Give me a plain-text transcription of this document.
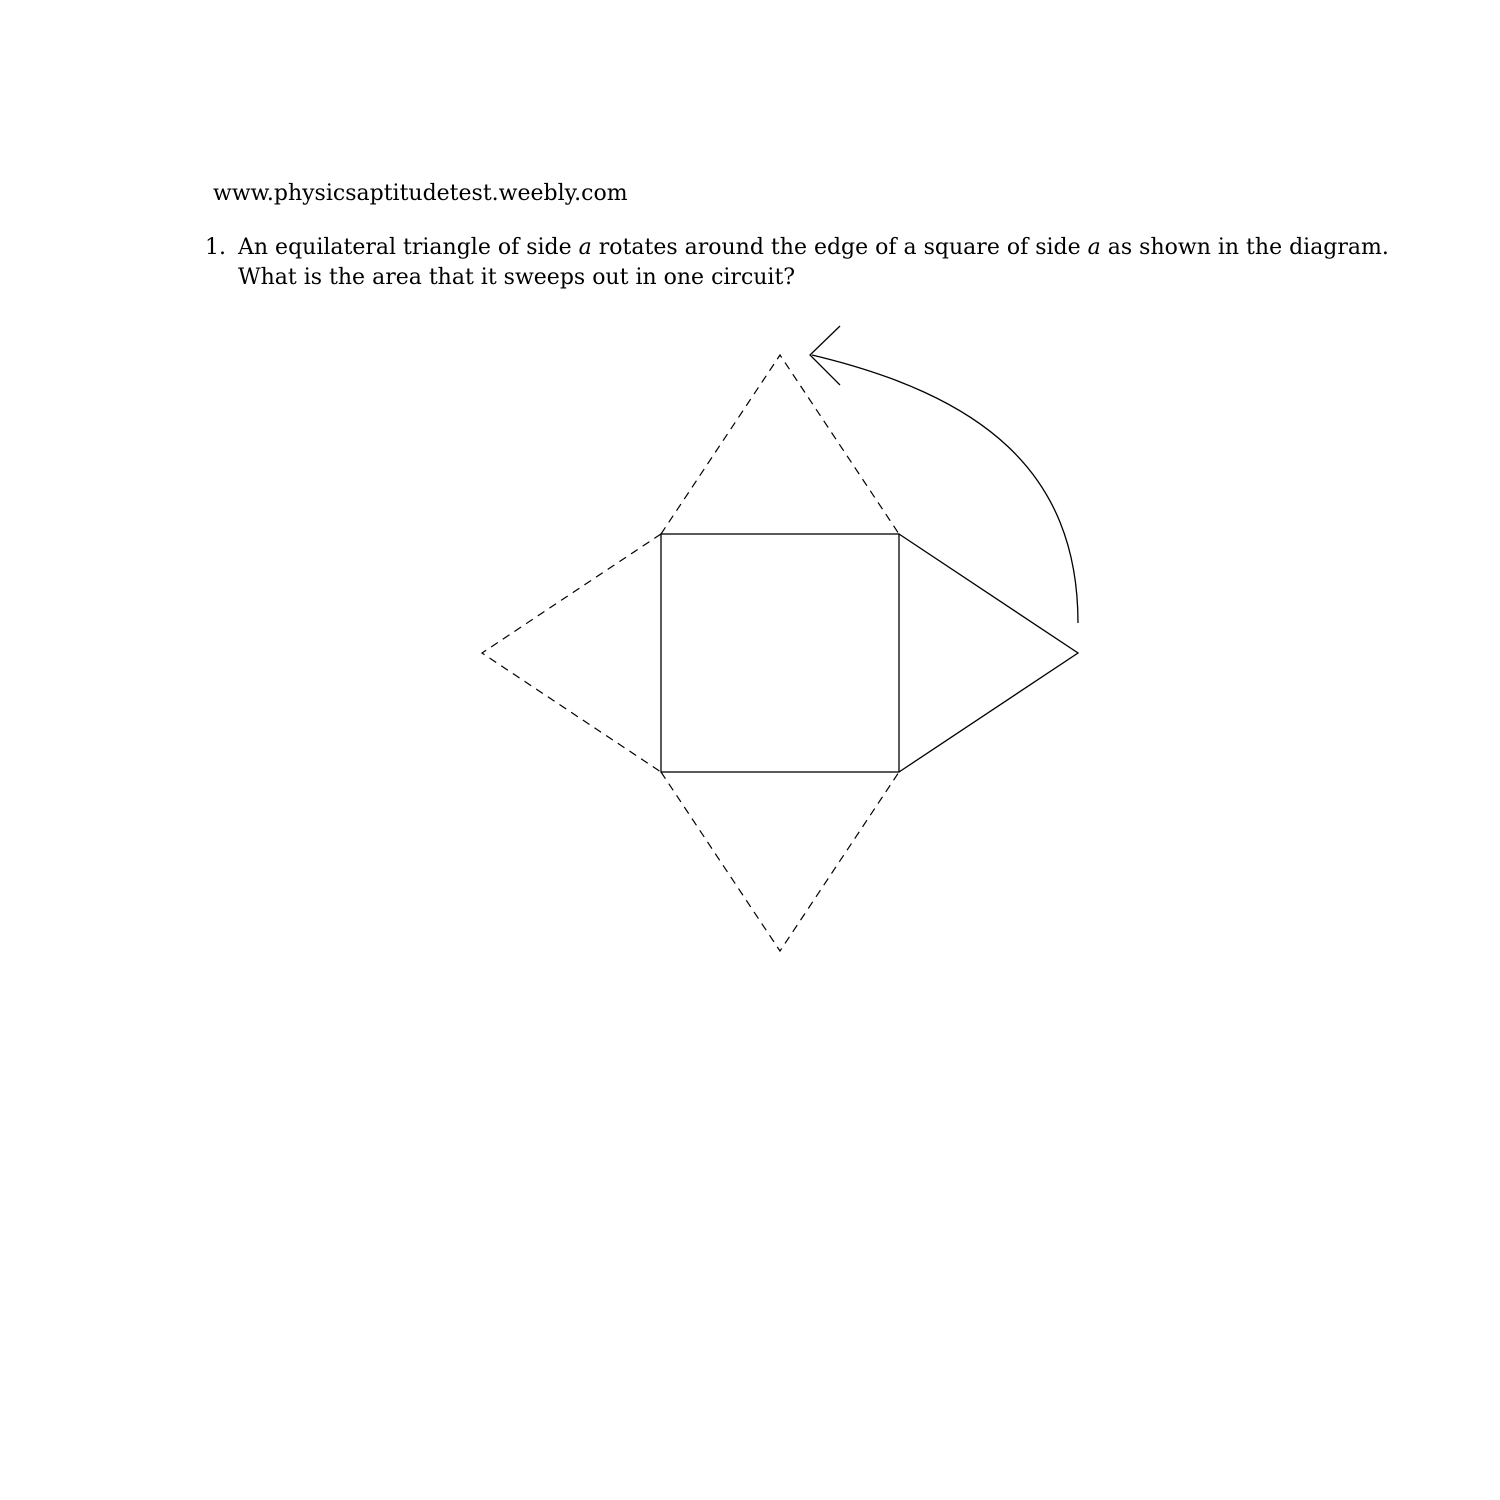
www.physicsaptitudetest.weebly.com
1. An equilateral triangle of side a rotates around the edge of a square of side a as shown in the diagram.
What is the area that it sweeps out in one circuit?
